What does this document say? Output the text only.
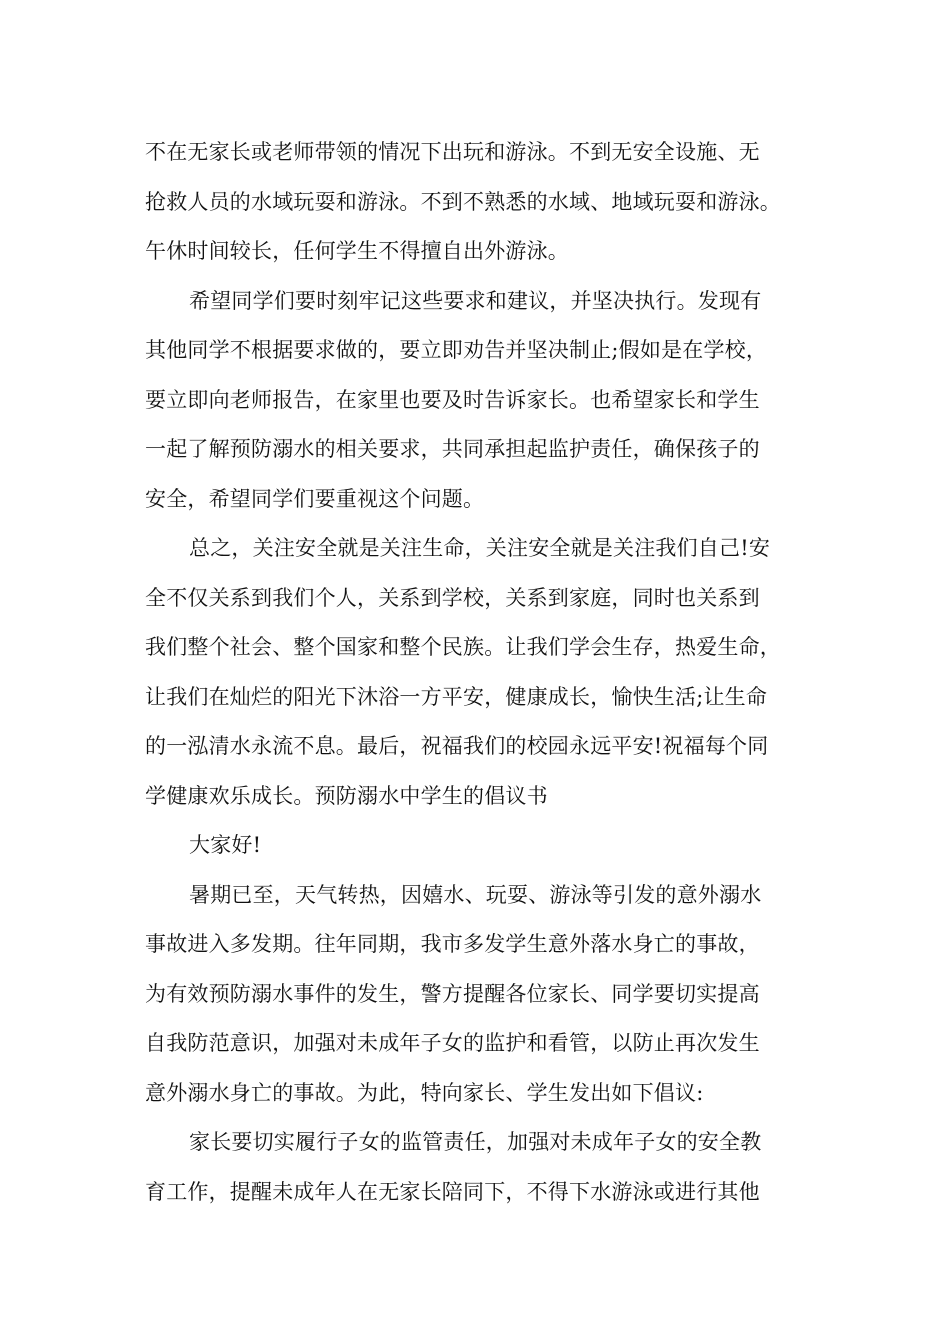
不在无家长或老师带领的情况下出玩和游泳。不到无安全设施、无
抢救人员的水域玩耍和游泳。不到不熟悉的水域、地域玩耍和游泳。
午休时间较长，任何学生不得擅自出外游泳。
希望同学们要时刻牢记这些要求和建议，并坚决执行。发现有
其他同学不根据要求做的，要立即劝告并坚决制止;假如是在学校，
要立即向老师报告，在家里也要及时告诉家长。也希望家长和学生
一起了解预防溺水的相关要求，共同承担起监护责任，确保孩子的
安全，希望同学们要重视这个问题。
总之，关注安全就是关注生命，关注安全就是关注我们自己!安
全不仅关系到我们个人，关系到学校，关系到家庭，同时也关系到
我们整个社会、整个国家和整个民族。让我们学会生存，热爱生命，
让我们在灿烂的阳光下沐浴一方平安，健康成长，愉快生活;让生命
的一泓清水永流不息。最后，祝福我们的校园永远平安!祝福每个同
学健康欢乐成长。预防溺水中学生的倡议书
大家好!
暑期已至，天气转热，因嬉水、玩耍、游泳等引发的意外溺水
事故进入多发期。往年同期，我市多发学生意外落水身亡的事故，
为有效预防溺水事件的发生，警方提醒各位家长、同学要切实提高
自我防范意识，加强对未成年子女的监护和看管，以防止再次发生
意外溺水身亡的事故。为此，特向家长、学生发出如下倡议:
家长要切实履行子女的监管责任，加强对未成年子女的安全教
育工作，提醒未成年人在无家长陪同下，不得下水游泳或进行其他
